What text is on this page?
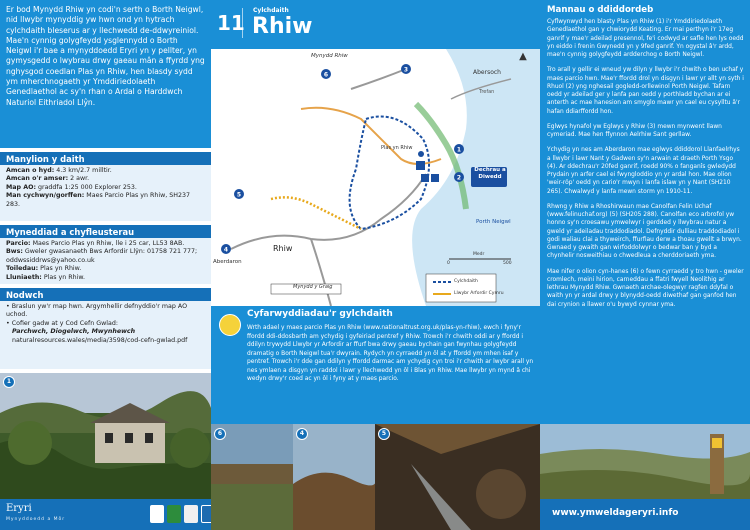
Er bod Mynydd Rhiw yn codi'n serth o Borth Neigwl, nid llwybr mynyddig yw hwn ond yn hytrach cylchdaith bleserus ar y llechwedd de-ddwyreiniol. Mae'n cynnig golygfeydd ysglennydd o Borth Neigwl i'r bae a mynyddoedd Eryri yn y pellter, yn gymysgedd o lwybrau drwy gaeau mân a ffyrdd yng nghysgod coedlan Plas yn Rhiw, hen blasdy sydd ym mherchnogaeth yr Ymddiriedolaeth Genedlaethol ac sy'n rhan o Ardal o Harddwch Naturiol Eithriadol Llŷn.
Manylion y daith

Amcan o hyd: 4.3 km/2.7 milltir.

Amcan o'r amser: 2 awr.

Map AO: graddfa 1:25 000 Explorer 253.

Man cychwyn/gorffen: Maes Parcio Plas yn Rhiw, SH237 283.

Myneddiad a chyfleusterau

Parcio: Maes Parcio Plas yn Rhiw, lle i 25 car, LL53 8AB.

Bws: Gweler gwasanaeth Bws Arfordir Llŷn: 01758 721 777; oddwssiddrws@yahoo.co.uk

Toiledau: Plas yn Rhiw.

Lluniaeth: Plas yn Rhiw.

Nodwch

• Braslun yw'r map hwn. Argymhellir defnyddio'r map AO uchod.

• Cofier gadw at y Cod Cefn Gwlad:

Parchwch, Diogelwch, Mwynhewch

naturalresources.wales/media/3598/cod-cefn-gwlad.pdf

1
Eryri
Mynyddoedd a Môr
11
Cylchdaith
Rhiw
6
3
1
2
5
4
Mynydd Rhiw
Abersoch
Trefan
Plas yn Rhiw
Rhiw
Aberdaron
Mynydd y Graig
Porth Neigwl
Dechrau a Diwedd
Cylchdaith
Llwybr Arfordir Cymru
Medr
0	500
▲
Cyfarwyddiadau'r gylchdaith
Wrth adael y maes parcio Plas yn Rhiw (www.nationaltrust.org.uk/plas-yn-rhiw), ewch i fyny'r ffordd ddi-ddosbarth am ychydig i gyfeiriad pentref y Rhiw. Trowch i'r chwith oddi ar y ffordd i ddilyn trywydd Llwybr yr Arfordir ar ffurf bwa drwy gaeau bychain gan fwynhau golygfeydd dramatig o Borth Neigwl tua'r dwyrain. Rydych yn cyrraedd yn ôl at y ffordd ym mhen isaf y pentref. Trowch i'r dde gan ddilyn y ffordd darmac am ychydig cyn troi i'r chwith ar lwybr arall yn nes ymlaen a disgyn yn raddol i lawr y llechwedd yn ôl i Blas yn Rhiw. Mae llwybr yn mynd â chi wedyn drwy'r coed ac yn ôl i fyny at y maes parcio.
6	4	5
Mannau o ddiddordeb

Cyflwynwyd hen blasty Plas yn Rhiw (1) i'r Ymddiriedolaeth Genedlaethol gan y chwiorydd Keating. Er mai perthyn i'r 17eg ganrif y mae'r adeilad presennol, fe'i codwyd ar safle hen lys oedd yn eiddo i frenin Gwynedd yn y 9fed ganrif. Yn ogystal â'r ardd, mae'n cynnig golygfeydd ardderchog o Borth Neigwl.

Tro arall y gellir ei wneud yw dilyn y llwybr i'r chwith o ben uchaf y maes parcio hwn. Mae'r ffordd drol yn disgyn i lawr yr allt yn syth i Rhuol (2) yng nghesail gogledd-orllewinol Porth Neigwl. Tafarn oedd yr adeilad ger y lanfa pan oedd y porthladd bychan ar ei anterth ac mae hanesion am smyglo mawr yn cael eu cysylltu â'r hafan ddiarffordd hon.

Eglwys hynafol yw Eglwys y Rhiw (3) mewn mynwent llawn cymeriad. Mae hen ffynnon Aelrhiw Sant gerllaw.

Ychydig yn nes am Aberdaron mae eglwys ddiddorol Llanfaelrhys a llwybr i lawr Nant y Gadwen sy'n arwain at draeth Porth Ysgo (4). Ar ddechrau'r 20fed ganrif, roedd 90% o fanganîs gwledydd Prydain yn arfer cael ei fwyngloddio yn yr ardal hon. Mae olion 'weir-röp' oedd yn cario'r mwyn i lanfa islaw yn y Nant (SH210 265). Chwalwyd y lanfa mewn storm yn 1910-11.

Rhwng y Rhiw a Rhoshirwaun mae Canolfan Felin Uchaf (www.felinuchaf.org) (5) (SH205 288). Canolfan eco arbrofol yw honno sy'n croesawu ymwelwyr i gerdded y llwybrau natur a gweld yr adeiladau traddodiadol. Defnyddir dulliau traddodiadol i godi waliau clai a thyweirch, ffurfiau derw a thoau gwellt a brwyn. Gwnaed y gwaith gan wirfoddolwyr o bedwar ban y byd a chynhelir nosweithiau o chwedleua a cherddoriaeth yma.

Mae nifer o olion cyn-hanes (6) o fewn cyrraedd y tro hwn - gweler cromlech, meini hirion, carneddau a ffatri fwyell Neolithig ar lethrau Mynydd Rhiw. Gwnaeth archae-olegwyr ragfen ddyfal o waith yn yr ardal drwy y blynydd-oedd diwethaf gan ganfod hen dai crynion a llawer o'u bywyd cynnar yma.

www.ymweldageryri.info
